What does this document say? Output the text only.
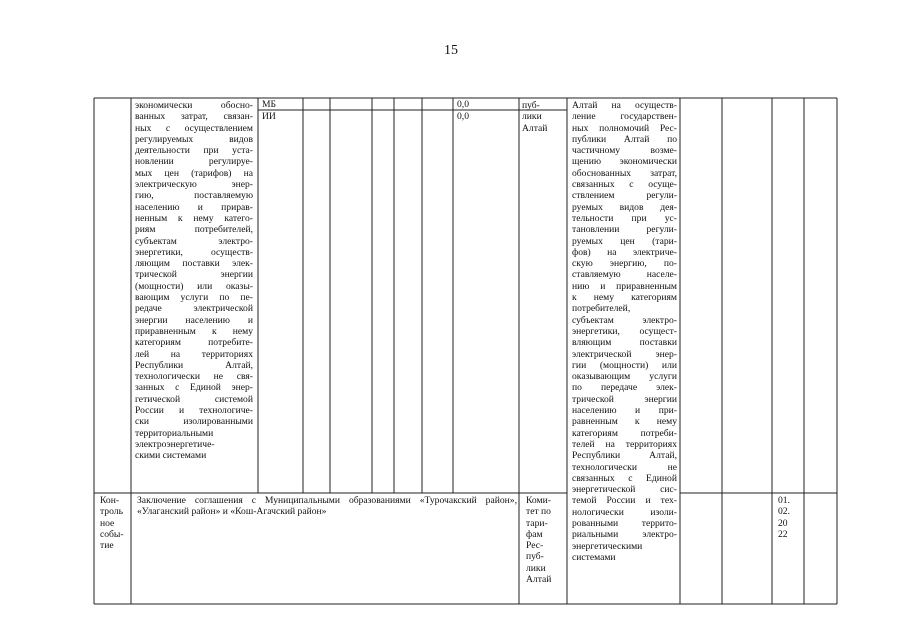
15
экономически обосно-
ванных затрат, связан-
ных с осуществлением
регулируемых видов
деятельности при уста-
новлении регулируе-
мых цен (тарифов) на
электрическую энер-
гию, поставляемую
населению и прирав-
ненным к нему катего-
риям потребителей,
субъектам электро-
энергетики, осуществ-
ляющим поставки элек-
трической энергии
(мощности) или оказы-
вающим услуги по пе-
редаче электрической
энергии населению и
приравненным к нему
категориям потребите-
лей на территориях
Республики Алтай,
технологически не свя-
занных с Единой энер-
гетической системой
России и технологиче-
ски изолированными
территориальными
электроэнергетиче-
скими системами
МБ
ИИ
0,0
0,0
пуб-
лики
Алтай
Алтай на осуществ-
ление государствен-
ных полномочий Рес-
публики Алтай по
частичному возме-
щению экономически
обоснованных затрат,
связанных с осуще-
ствлением регули-
руемых видов дея-
тельности при ус-
тановлении регули-
руемых цен (тари-
фов) на электриче-
скую энергию, по-
ставляемую населе-
нию и приравненным
к нему категориям
потребителей,
субъектам электро-
энергетики, осущест-
вляющим поставки
электрической энер-
гии (мощности) или
оказывающим услуги
по передаче элек-
трической энергии
населению и при-
равненным к нему
категориям потреби-
телей на территориях
Республики Алтай,
технологически не
связанных с Единой
энергетической сис-
темой России и тех-
нологически изоли-
рованными террито-
риальными электро-
энергетическими
системами
Кон-
троль
ное
собы-
тие
Заключение соглашения с Муниципальными образованиями «Турочакский район», «Улаганский район» и «Кош-Агачский район»
Коми-
тет по
тари-
фам
Рес-
пуб-
лики
Алтай
01.
02.
20
22
